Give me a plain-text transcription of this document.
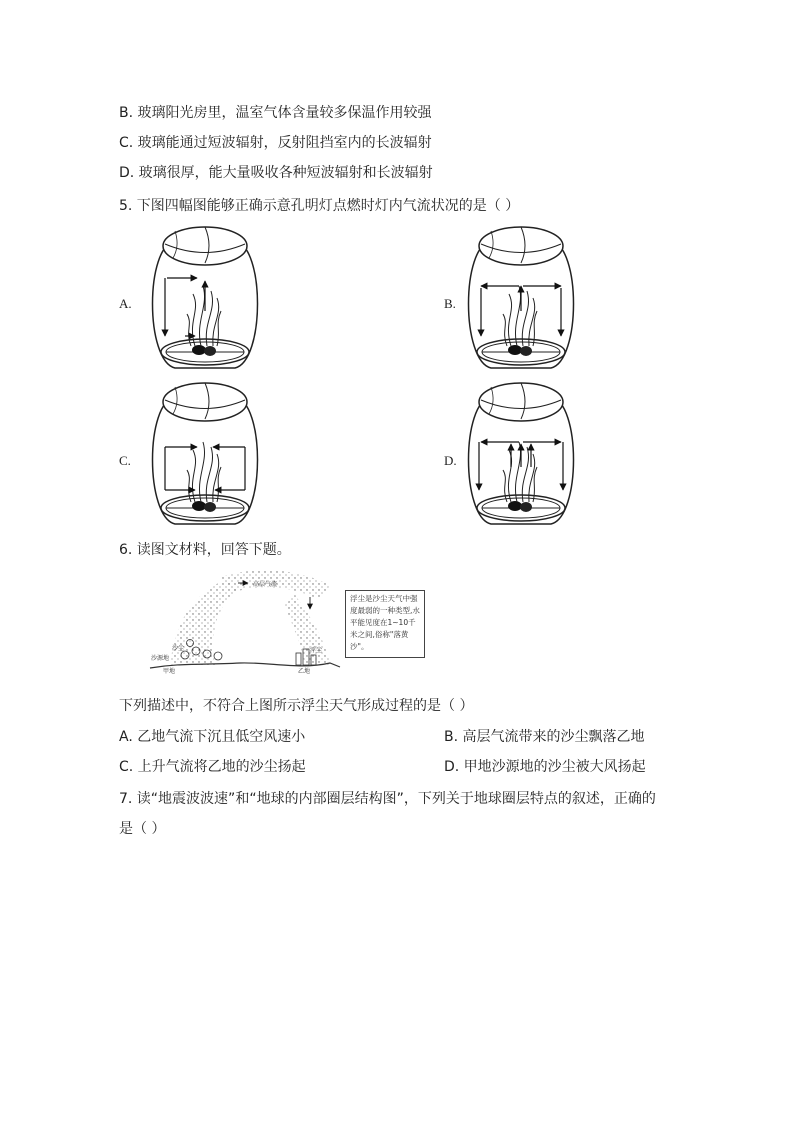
B. 玻璃阳光房里，温室气体含量较多保温作用较强
C. 玻璃能通过短波辐射，反射阻挡室内的长波辐射
D. 玻璃很厚，能大量吸收各种短波辐射和长波辐射
5. 下图四幅图能够正确示意孔明灯点燃时灯内气流状况的是（ ）
A.	B.
C.	D.
6. 读图文材料，回答下题。
高层气流
沙源地
甲地
沙尘	浮尘
乙地
浮尘是沙尘天气中强度最弱的一种类型,水平能见度在1~10千米之间,俗称"落黄沙"。
下列描述中，不符合上图所示浮尘天气形成过程的是（ ）
A. 乙地气流下沉且低空风速小	B. 高层气流带来的沙尘飘落乙地
C. 上升气流将乙地的沙尘扬起	D. 甲地沙源地的沙尘被大风扬起
7. 读“地震波波速”和“地球的内部圈层结构图”，下列关于地球圈层特点的叙述，正确的
是（ ）
